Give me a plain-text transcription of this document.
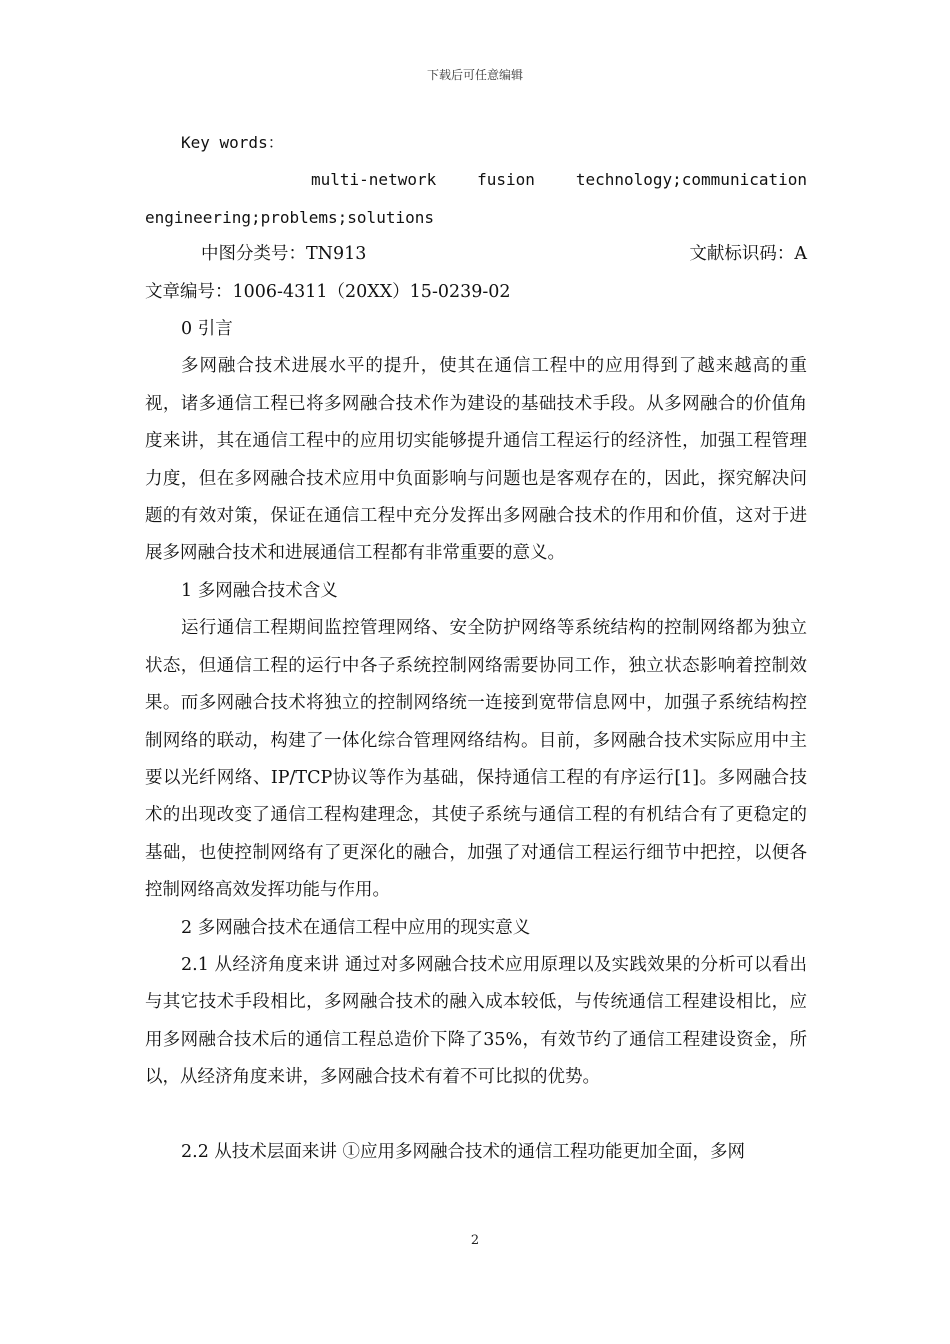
下载后可任意编辑
Key words：
multi-network	fusion	technology;communication
engineering;problems;solutions
中图分类号：TN913	文献标识码：A
文章编号：1006-4311（20XX）15-0239-02
0 引言
多网融合技术进展水平的提升，使其在通信工程中的应用得到了越来越高的重视，诸多通信工程已将多网融合技术作为建设的基础技术手段。从多网融合的价值角度来讲，其在通信工程中的应用切实能够提升通信工程运行的经济性，加强工程管理力度，但在多网融合技术应用中负面影响与问题也是客观存在的，因此，探究解决问题的有效对策，保证在通信工程中充分发挥出多网融合技术的作用和价值，这对于进展多网融合技术和进展通信工程都有非常重要的意义。
1 多网融合技术含义
运行通信工程期间监控管理网络、安全防护网络等系统结构的控制网络都为独立状态，但通信工程的运行中各子系统控制网络需要协同工作，独立状态影响着控制效果。而多网融合技术将独立的控制网络统一连接到宽带信息网中，加强子系统结构控制网络的联动，构建了一体化综合管理网络结构。目前，多网融合技术实际应用中主要以光纤网络、IP/TCP协议等作为基础，保持通信工程的有序运行[1]。多网融合技术的出现改变了通信工程构建理念，其使子系统与通信工程的有机结合有了更稳定的基础，也使控制网络有了更深化的融合，加强了对通信工程运行细节中把控，以便各控制网络高效发挥功能与作用。
2 多网融合技术在通信工程中应用的现实意义
2.1 从经济角度来讲 通过对多网融合技术应用原理以及实践效果的分析可以看出与其它技术手段相比，多网融合技术的融入成本较低，与传统通信工程建设相比，应用多网融合技术后的通信工程总造价下降了35%，有效节约了通信工程建设资金，所以，从经济角度来讲，多网融合技术有着不可比拟的优势。
2.2 从技术层面来讲 ①应用多网融合技术的通信工程功能更加全面，多网
2
